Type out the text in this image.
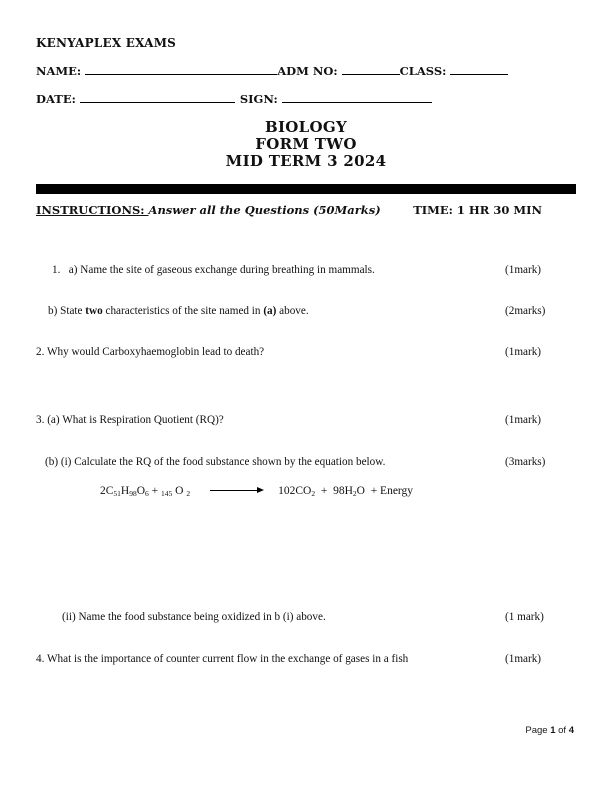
KENYAPLEX EXAMS
NAME:	ADM NO:	CLASS:
DATE:	SIGN:
BIOLOGY
FORM TWO
MID TERM 3 2024
INSTRUCTIONS: Answer all the Questions (50Marks)	TIME: 1 HR 30 MIN
1.   a) Name the site of gaseous exchange during breathing in mammals.	(1mark)
b) State two characteristics of the site named in (a) above.	(2marks)
2. Why would Carboxyhaemoglobin lead to death?	(1mark)
3. (a) What is Respiration Quotient (RQ)?	(1mark)
(b) (i) Calculate the RQ of the food substance shown by the equation below.	(3marks)
$2C_{51}H_{98}O_6 + _{145}$ O $_2$	$102CO_2 + 98H_2O$  + Energy
(ii) Name the food substance being oxidized in b (i) above.	(1 mark)
4. What is the importance of counter current flow in the exchange of gases in a fish	(1mark)
Page 1 of 4
